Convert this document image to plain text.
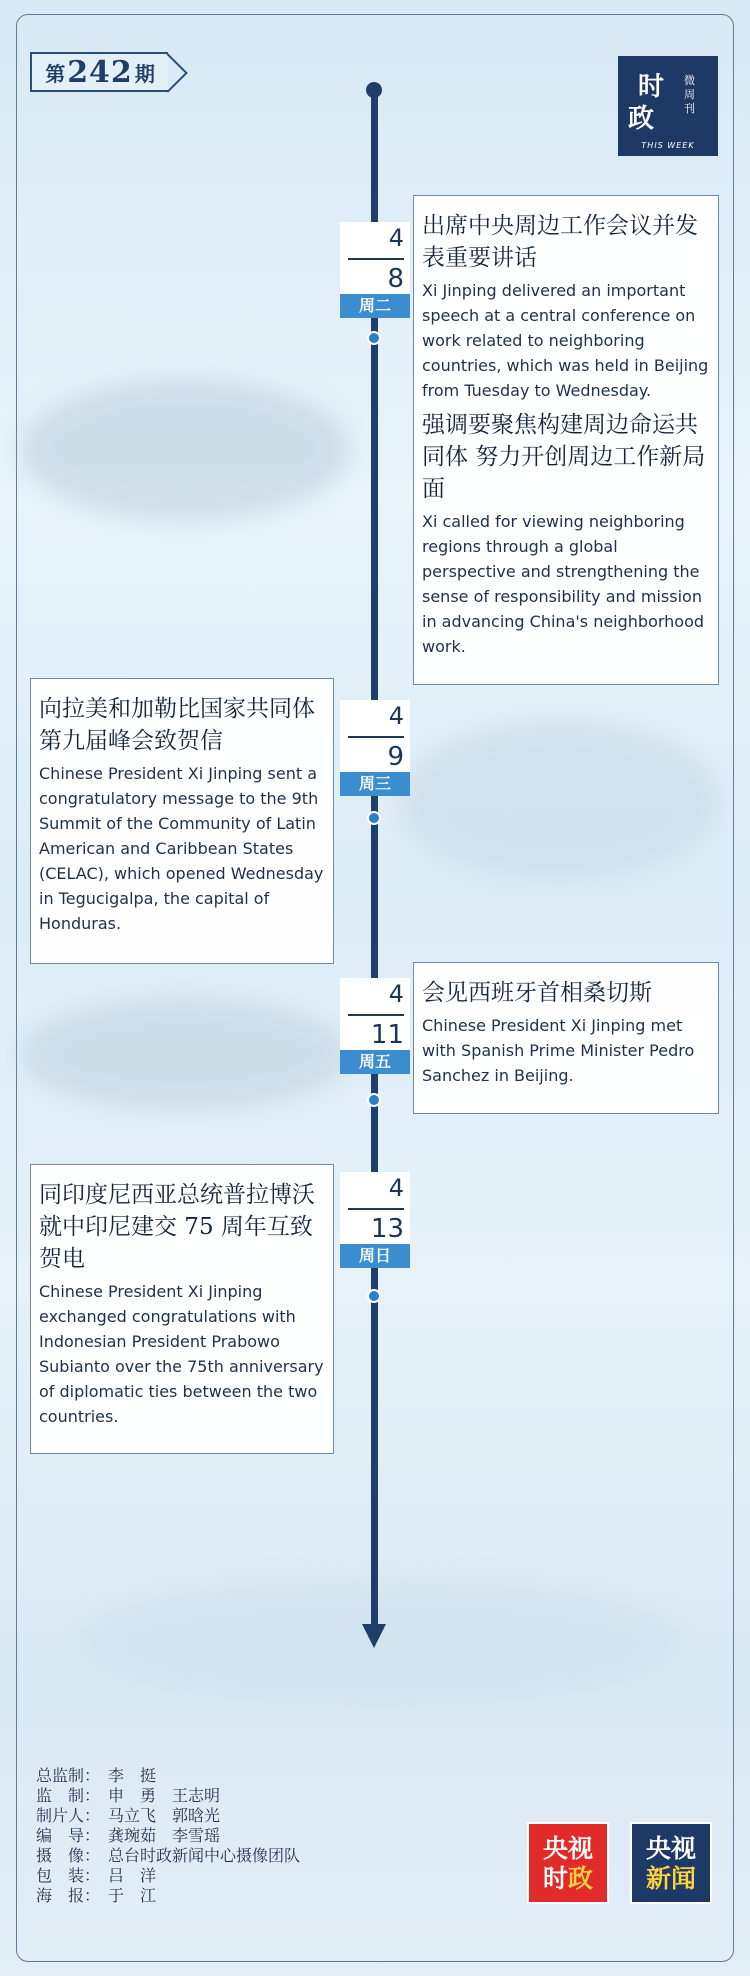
第 242 期	时
政
微周刊
THIS WEEK
4
8
周二

出席中央周边工作会议并发表重要讲话

Xi Jinping delivered an important speech at a central conference on work related to neighboring countries, which was held in Beijing from Tuesday to Wednesday.

强调要聚焦构建周边命运共同体 努力开创周边工作新局面

Xi called for viewing neighboring regions through a global perspective and strengthening the sense of responsibility and mission in advancing China's neighborhood work.

4
9
周三

向拉美和加勒比国家共同体第九届峰会致贺信

Chinese President Xi Jinping sent a congratulatory message to the 9th Summit of the Community of Latin American and Caribbean States (CELAC), which opened Wednesday in Tegucigalpa, the capital of Honduras.

4
11
周五

会见西班牙首相桑切斯

Chinese President Xi Jinping met with Spanish Prime Minister Pedro Sanchez in Beijing.

4
13
周日

同印度尼西亚总统普拉博沃就中印尼建交 75 周年互致贺电

Chinese President Xi Jinping exchanged congratulations with Indonesian President Prabowo Subianto over the 75th anniversary of diplomatic ties between the two countries.

总监制： 李　挺
监　制： 申　勇　王志明
制片人： 马立飞　郭晗光
编　导： 龚琬茹　李雪瑶
摄　像： 总台时政新闻中心摄像团队
包　装： 吕　洋
海　报： 于　江
央视
时政
央视
新闻
